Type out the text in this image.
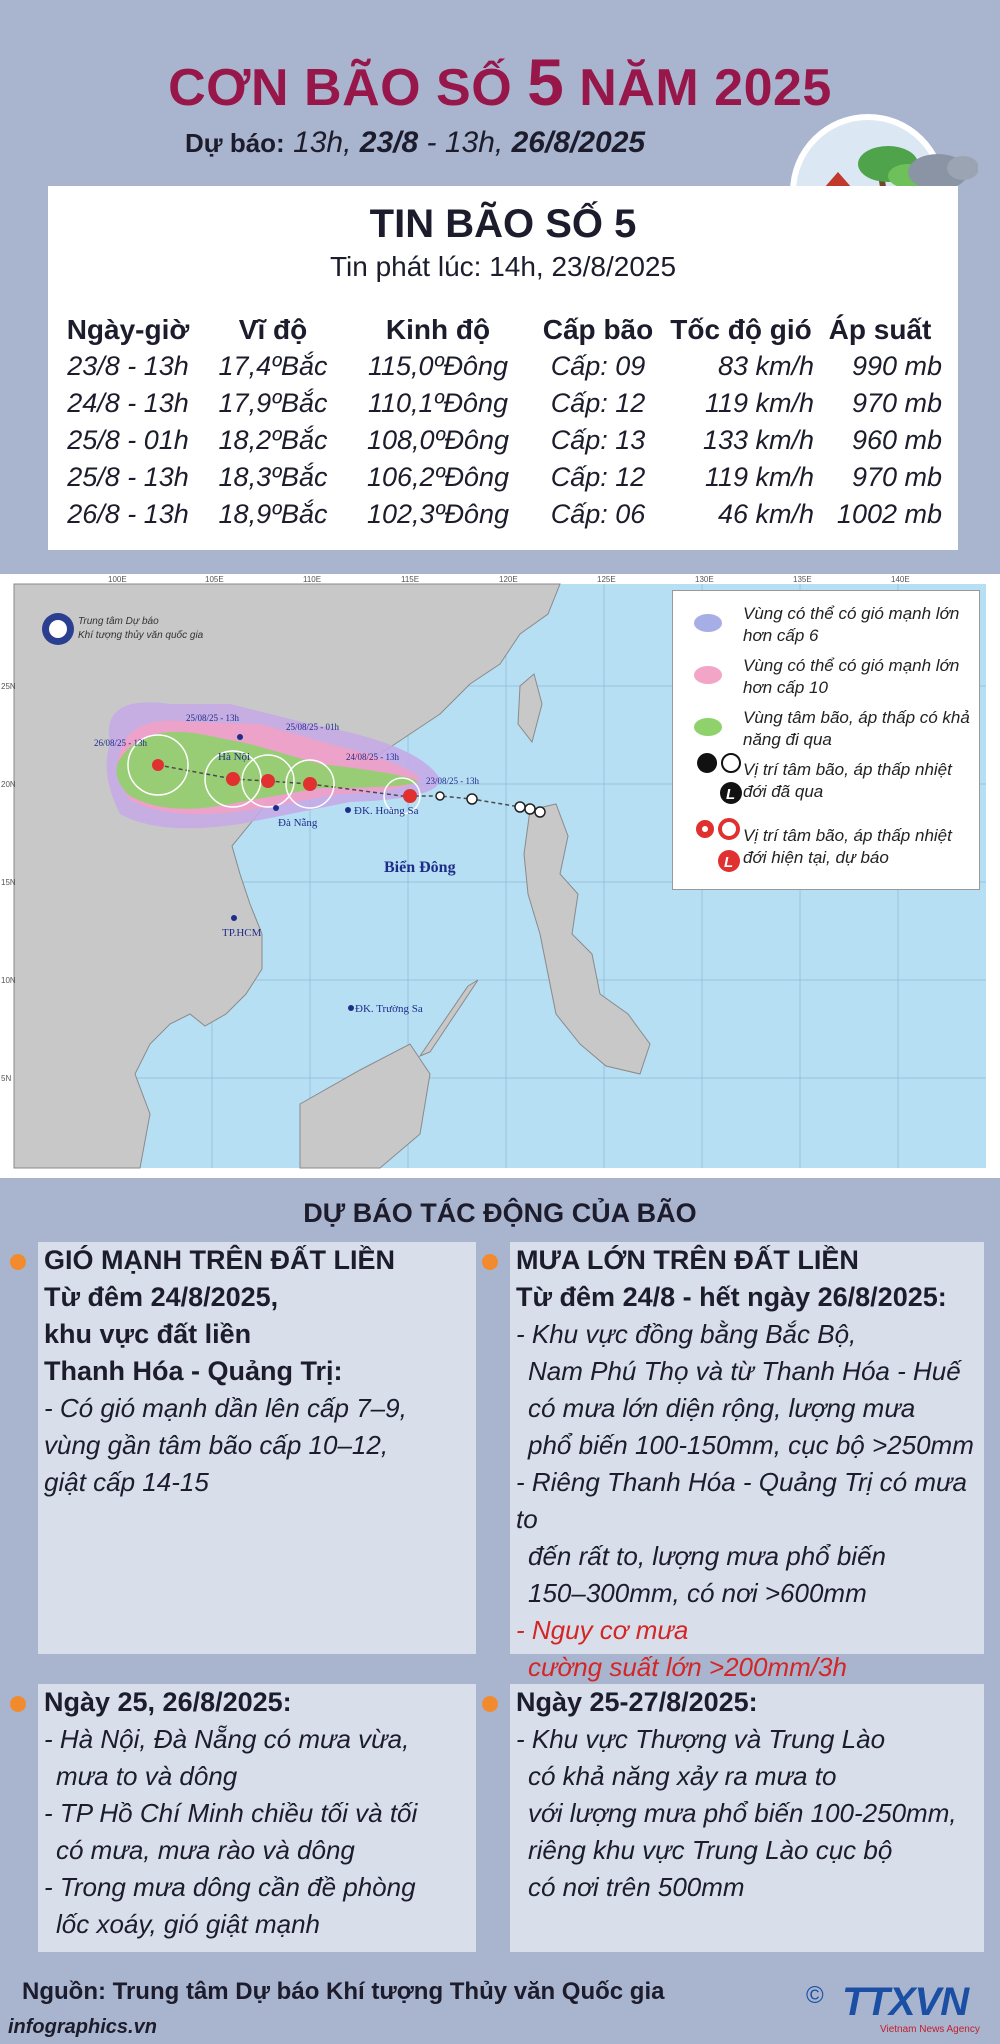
CƠN BÃO SỐ 5 NĂM 2025
Dự báo: 13h, 23/8 - 13h, 26/8/2025
TIN BÃO SỐ 5
Tin phát lúc: 14h, 23/8/2025
Ngày-giờ	Vĩ độ	Kinh độ	Cấp bão	Tốc độ gió	Áp suất
23/8 - 13h	17,4ºBắc	115,0ºĐông	Cấp: 09	83 km/h	990 mb
24/8 - 13h	17,9ºBắc	110,1ºĐông	Cấp: 12	119 km/h	970 mb
25/8 - 01h	18,2ºBắc	108,0ºĐông	Cấp: 13	133 km/h	960 mb
25/8 - 13h	18,3ºBắc	106,2ºĐông	Cấp: 12	119 km/h	970 mb
26/8 - 13h	18,9ºBắc	102,3ºĐông	Cấp: 06	46 km/h	1002 mb
Trung tâm Dự báo
Khí tượng thủy văn quốc gia
100E	105E	110E	115E	120E	125E	130E	135E	140E
25N
20N
15N
10N
5N
Hà Nội
Đà Nẵng
TP.HCM
ĐK. Hoàng Sa
ĐK. Trường Sa
Biển Đông
26/08/25 - 13h
25/08/25 - 13h
25/08/25 - 01h
24/08/25 - 13h
23/08/25 - 13h
Vùng có thể có gió mạnh lớn hơn cấp 6
Vùng có thể có gió mạnh lớn hơn cấp 10
Vùng tâm bão, áp thấp có khả năng đi qua
L
Vị trí tâm bão, áp thấp nhiệt đới đã qua
L
Vị trí tâm bão, áp thấp nhiệt đới hiện tại, dự báo
DỰ BÁO TÁC ĐỘNG CỦA BÃO
GIÓ MẠNH TRÊN ĐẤT LIỀN
Từ đêm 24/8/2025,
khu vực đất liền
Thanh Hóa - Quảng Trị:
- Có gió mạnh dần lên cấp 7–9,
vùng gần tâm bão cấp 10–12,
giật cấp 14-15
MƯA LỚN TRÊN ĐẤT LIỀN
Từ đêm 24/8 - hết ngày 26/8/2025:
- Khu vực đồng bằng Bắc Bộ,
Nam Phú Thọ và từ Thanh Hóa - Huế
có mưa lớn diện rộng, lượng mưa
phổ biến 100-150mm, cục bộ >250mm
- Riêng Thanh Hóa - Quảng Trị có mưa to
đến rất to, lượng mưa phổ biến
150–300mm, có nơi >600mm
- Nguy cơ mưa
cường suất lớn >200mm/3h
Ngày 25, 26/8/2025:
- Hà Nội, Đà Nẵng có mưa vừa,
mưa to và dông
- TP Hồ Chí Minh chiều tối và tối
có mưa, mưa rào và dông
- Trong mưa dông cần đề phòng
lốc xoáy, gió giật mạnh
Ngày 25-27/8/2025:
- Khu vực Thượng và Trung Lào
có khả năng xảy ra mưa to
với lượng mưa phổ biến 100-250mm,
riêng khu vực Trung Lào cục bộ
có nơi trên 500mm
Nguồn: Trung tâm Dự báo Khí tượng Thủy văn Quốc gia	© TTXVN
Vietnam News Agency
infographics.vn
